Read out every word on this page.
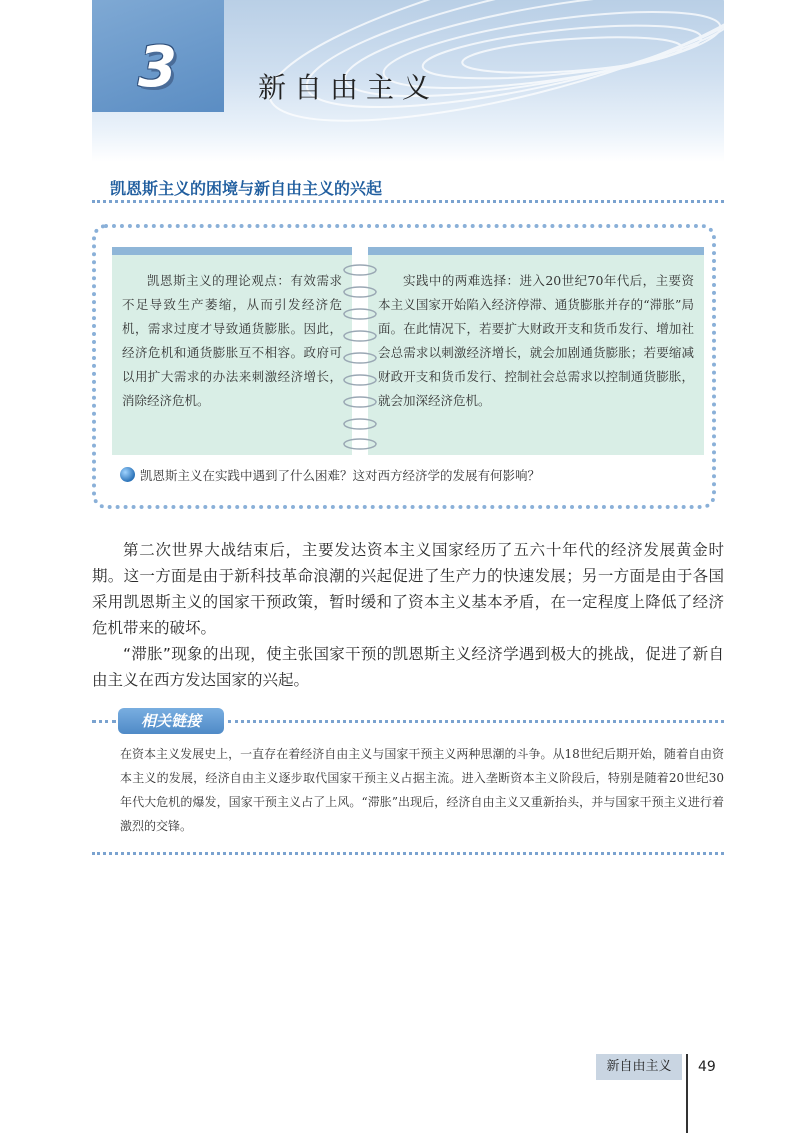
3	新自由主义
凯恩斯主义的困境与新自由主义的兴起
凯恩斯主义的理论观点：有效需求不足导致生产萎缩，从而引发经济危机，需求过度才导致通货膨胀。因此，经济危机和通货膨胀互不相容。政府可以用扩大需求的办法来刺激经济增长，消除经济危机。
实践中的两难选择：进入20世纪70年代后，主要资本主义国家开始陷入经济停滞、通货膨胀并存的“滞胀”局面。在此情况下，若要扩大财政开支和货币发行、增加社会总需求以刺激经济增长，就会加剧通货膨胀；若要缩减财政开支和货币发行、控制社会总需求以控制通货膨胀，就会加深经济危机。
凯恩斯主义在实践中遇到了什么困难？这对西方经济学的发展有何影响？

第二次世界大战结束后，主要发达资本主义国家经历了五六十年代的经济发展黄金时期。这一方面是由于新科技革命浪潮的兴起促进了生产力的快速发展；另一方面是由于各国采用凯恩斯主义的国家干预政策，暂时缓和了资本主义基本矛盾，在一定程度上降低了经济危机带来的破坏。

“滞胀”现象的出现，使主张国家干预的凯恩斯主义经济学遇到极大的挑战，促进了新自由主义在西方发达国家的兴起。

相关链接
在资本主义发展史上，一直存在着经济自由主义与国家干预主义两种思潮的斗争。从18世纪后期开始，随着自由资本主义的发展，经济自由主义逐步取代国家干预主义占据主流。进入垄断资本主义阶段后，特别是随着20世纪30年代大危机的爆发，国家干预主义占了上风。“滞胀”出现后，经济自由主义又重新抬头，并与国家干预主义进行着激烈的交锋。
新自由主义	49
